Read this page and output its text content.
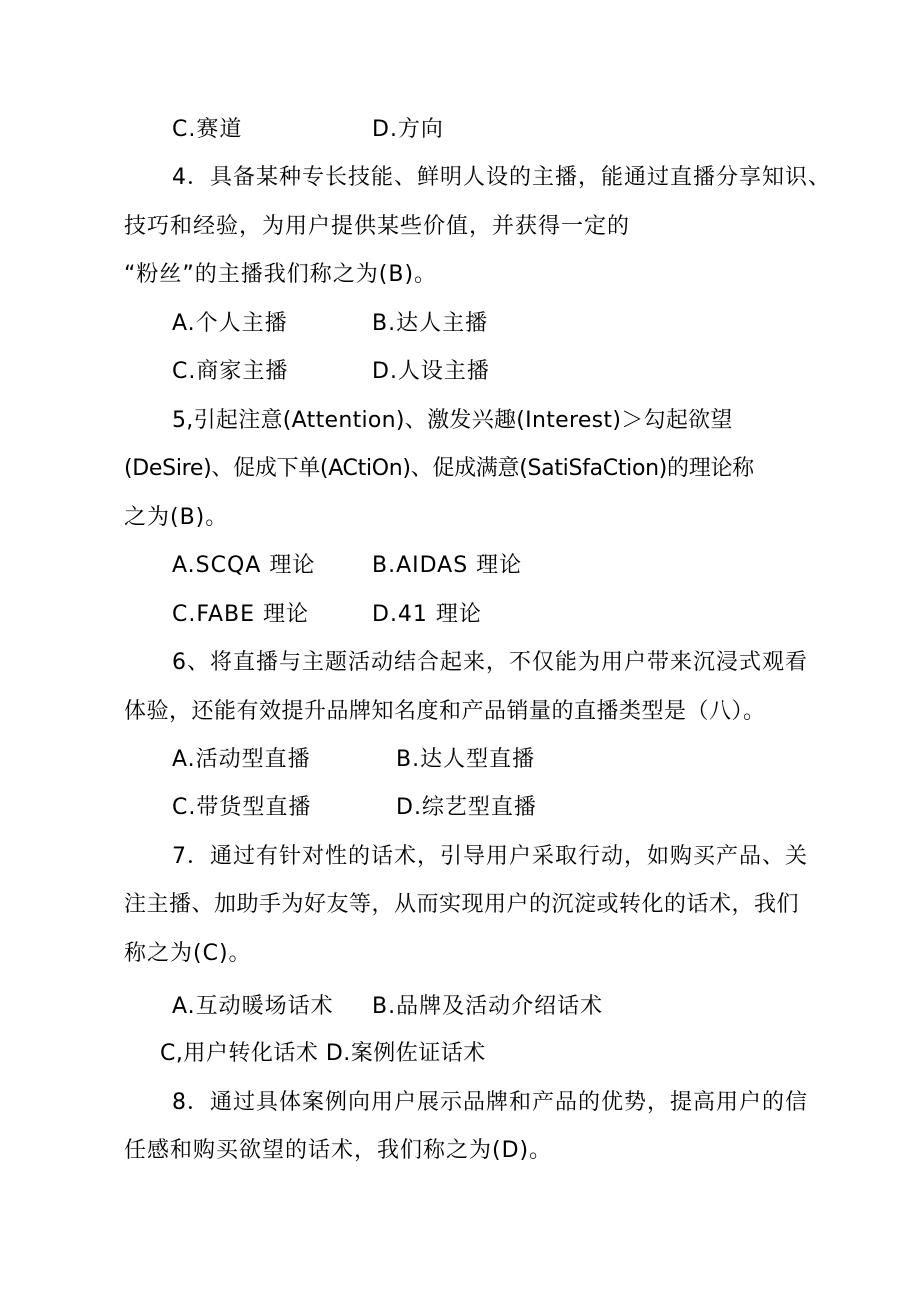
C.赛道	D.方向
4．具备某种专长技能、鲜明人设的主播，能通过直播分享知识、
技巧和经验，为用户提供某些价值，并获得一定的
“粉丝”的主播我们称之为(B)。
A.个人主播	B.达人主播
C.商家主播	D.人设主播
5,引起注意(Attention)、激发兴趣(Interest)＞勾起欲望
(DeSire)、促成下单(ACtiOn)、促成满意(SatiSfaCtion)的理论称
之为(B)。
A.SCQA 理论	B.AIDAS 理论
C.FABE 理论	D.41 理论
6、将直播与主题活动结合起来，不仅能为用户带来沉浸式观看
体验，还能有效提升品牌知名度和产品销量的直播类型是（八）。
A.活动型直播	B.达人型直播
C.带货型直播	D.综艺型直播
7．通过有针对性的话术，引导用户采取行动，如购买产品、关
注主播、加助手为好友等，从而实现用户的沉淀或转化的话术，我们
称之为(C)。
A.互动暖场话术 B.品牌及活动介绍话术
C,用户转化话术 D.案例佐证话术
8．通过具体案例向用户展示品牌和产品的优势，提高用户的信
任感和购买欲望的话术，我们称之为(D)。
